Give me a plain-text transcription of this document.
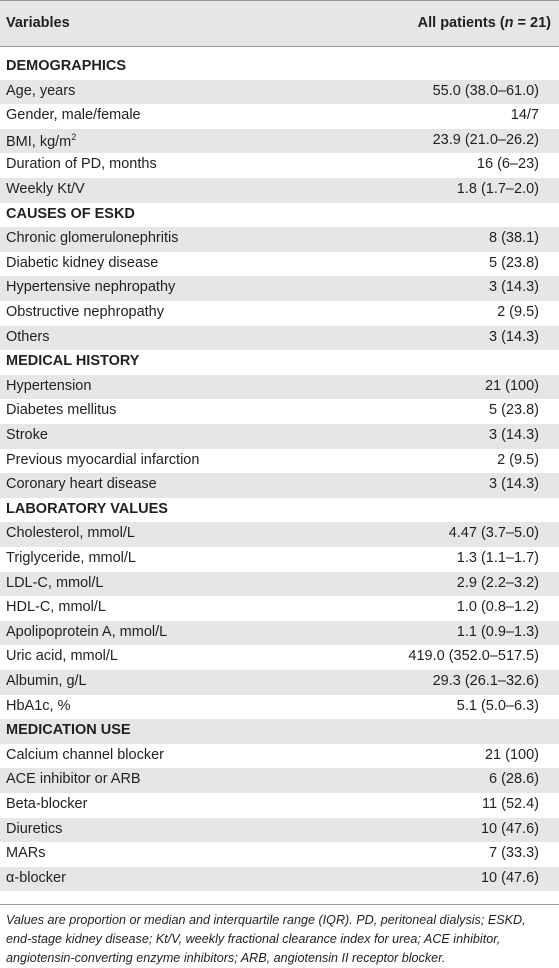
Variables	All patients (n = 21)
DEMOGRAPHICS
Age, years	55.0 (38.0–61.0)
Gender, male/female	14/7
BMI, $kg/m^2$	23.9 (21.0–26.2)
Duration of PD, months	16 (6–23)
Weekly Kt/V	1.8 (1.7–2.0)
CAUSES OF ESKD
Chronic glomerulonephritis	8 (38.1)
Diabetic kidney disease	5 (23.8)
Hypertensive nephropathy	3 (14.3)
Obstructive nephropathy	2 (9.5)
Others	3 (14.3)
MEDICAL HISTORY
Hypertension	21 (100)
Diabetes mellitus	5 (23.8)
Stroke	3 (14.3)
Previous myocardial infarction	2 (9.5)
Coronary heart disease	3 (14.3)
LABORATORY VALUES
Cholesterol, mmol/L	4.47 (3.7–5.0)
Triglyceride, mmol/L	1.3 (1.1–1.7)
LDL-C, mmol/L	2.9 (2.2–3.2)
HDL-C, mmol/L	1.0 (0.8–1.2)
Apolipoprotein A, mmol/L	1.1 (0.9–1.3)
Uric acid, mmol/L	419.0 (352.0–517.5)
Albumin, g/L	29.3 (26.1–32.6)
HbA1c, %	5.1 (5.0–6.3)
MEDICATION USE
Calcium channel blocker	21 (100)
ACE inhibitor or ARB	6 (28.6)
Beta-blocker	11 (52.4)
Diuretics	10 (47.6)
MARs	7 (33.3)
α-blocker	10 (47.6)
Values are proportion or median and interquartile range (IQR). PD, peritoneal dialysis; ESKD, end-stage kidney disease; Kt/V, weekly fractional clearance index for urea; ACE inhibitor, angiotensin-converting enzyme inhibitors; ARB, angiotensin II receptor blocker.
